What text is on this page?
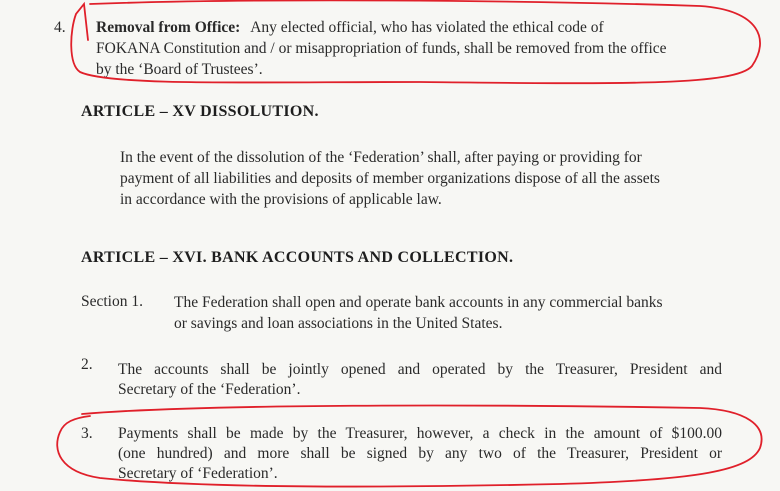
4. Removal from Office: Any elected official, who has violated the ethical code of
FOKANA Constitution and / or misappropriation of funds, shall be removed from the office
by the ‘Board of Trustees’.
ARTICLE – XV DISSOLUTION.
In the event of the dissolution of the ‘Federation’ shall, after paying or providing for
payment of all liabilities and deposits of member organizations dispose of all the assets
in accordance with the provisions of applicable law.
ARTICLE – XVI. BANK ACCOUNTS AND COLLECTION.
Section 1. The Federation shall open and operate bank accounts in any commercial banks
or savings and loan associations in the United States.
2. The accounts shall be jointly opened and operated by the Treasurer, President and
Secretary of the ‘Federation’.
3. Payments shall be made by the Treasurer, however, a check in the amount of $100.00
(one hundred) and more shall be signed by any two of the Treasurer, President or
Secretary of ‘Federation’.
